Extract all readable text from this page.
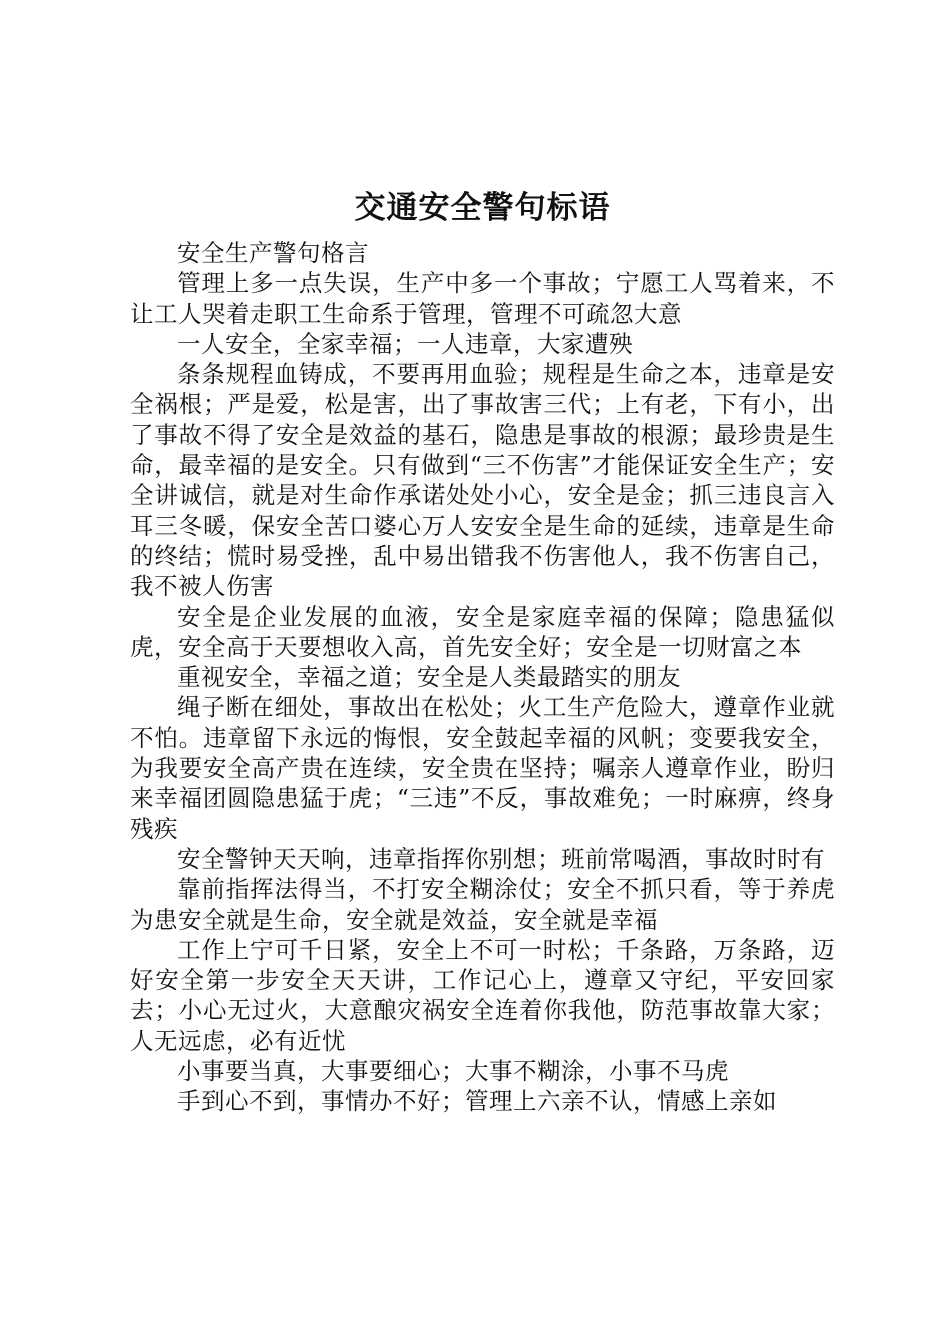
交通安全警句标语

安全生产警句格言

管理上多一点失误，生产中多一个事故；宁愿工人骂着来，不让工人哭着走职工生命系于管理，管理不可疏忽大意

一人安全，全家幸福；一人违章，大家遭殃

条条规程血铸成，不要再用血验；规程是生命之本，违章是安全祸根；严是爱，松是害，出了事故害三代；上有老，下有小，出了事故不得了安全是效益的基石，隐患是事故的根源；最珍贵是生命，最幸福的是安全。只有做到“三不伤害”才能保证安全生产；安全讲诚信，就是对生命作承诺处处小心，安全是金；抓三违良言入耳三冬暖，保安全苦口婆心万人安安全是生命的延续，违章是生命的终结；慌时易受挫，乱中易出错我不伤害他人，我不伤害自己，我不被人伤害

安全是企业发展的血液，安全是家庭幸福的保障；隐患猛似虎，安全高于天要想收入高，首先安全好；安全是一切财富之本

重视安全，幸福之道；安全是人类最踏实的朋友

绳子断在细处，事故出在松处；火工生产危险大，遵章作业就不怕。违章留下永远的悔恨，安全鼓起幸福的风帆；变要我安全，为我要安全高产贵在连续，安全贵在坚持；嘱亲人遵章作业，盼归来幸福团圆隐患猛于虎；“三违”不反，事故难免；一时麻痹，终身残疾

安全警钟天天响，违章指挥你别想；班前常喝酒，事故时时有

靠前指挥法得当，不打安全糊涂仗；安全不抓只看，等于养虎为患安全就是生命，安全就是效益，安全就是幸福

工作上宁可千日紧，安全上不可一时松；千条路，万条路，迈好安全第一步安全天天讲，工作记心上，遵章又守纪，平安回家去；小心无过火，大意酿灾祸安全连着你我他，防范事故靠大家；人无远虑，必有近忧

小事要当真，大事要细心；大事不糊涂，小事不马虎

手到心不到，事情办不好；管理上六亲不认，情感上亲如
